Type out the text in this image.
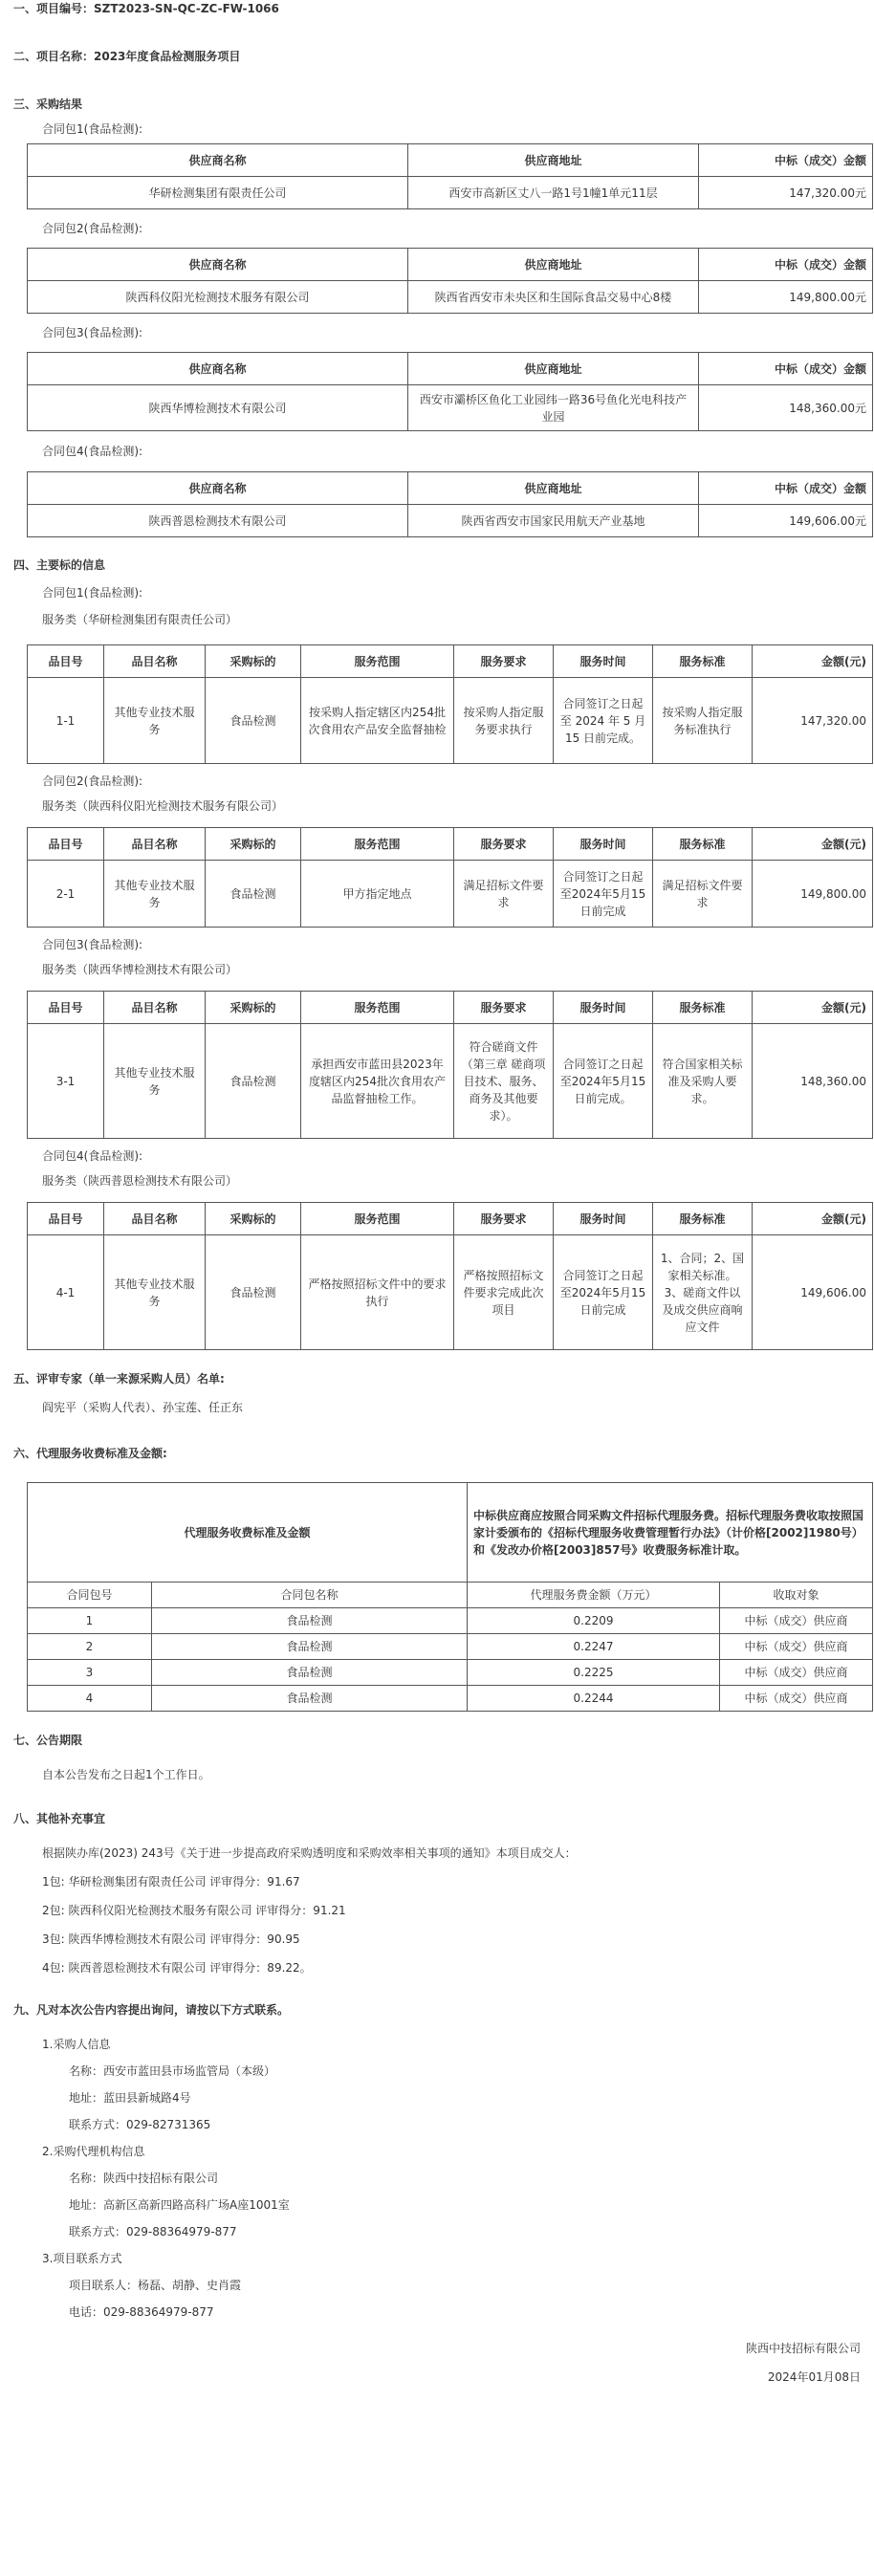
一、项目编号：SZT2023-SN-QC-ZC-FW-1066

二、项目名称：2023年度食品检测服务项目

三、采购结果

合同包1(食品检测):

供应商名称	供应商地址	中标（成交）金额
华研检测集团有限责任公司	西安市高新区丈八一路1号1幢1单元11层	147,320.00元

合同包2(食品检测):

供应商名称	供应商地址	中标（成交）金额
陕西科仪阳光检测技术服务有限公司	陕西省西安市未央区和生国际食品交易中心8楼	149,800.00元

合同包3(食品检测):

供应商名称	供应商地址	中标（成交）金额
陕西华博检测技术有限公司	西安市灞桥区鱼化工业园纬一路36号鱼化光电科技产业园	148,360.00元

合同包4(食品检测):

供应商名称	供应商地址	中标（成交）金额
陕西普恩检测技术有限公司	陕西省西安市国家民用航天产业基地	149,606.00元

四、主要标的信息

合同包1(食品检测):

服务类（华研检测集团有限责任公司）

品目号	品目名称	采购标的	服务范围	服务要求	服务时间	服务标准	金额(元)
1-1	其他专业技术服务	食品检测	按采购人指定辖区内254批次食用农产品安全监督抽检	按采购人指定服务要求执行	合同签订之日起至 2024 年 5 月 15 日前完成。	按采购人指定服务标准执行	147,320.00

合同包2(食品检测):

服务类（陕西科仪阳光检测技术服务有限公司）

品目号	品目名称	采购标的	服务范围	服务要求	服务时间	服务标准	金额(元)
2-1	其他专业技术服务	食品检测	甲方指定地点	满足招标文件要求	合同签订之日起至2024年5月15日前完成	满足招标文件要求	149,800.00

合同包3(食品检测):

服务类（陕西华博检测技术有限公司）

品目号	品目名称	采购标的	服务范围	服务要求	服务时间	服务标准	金额(元)
3-1	其他专业技术服务	食品检测	承担西安市蓝田县2023年度辖区内254批次食用农产品监督抽检工作。	符合磋商文件（第三章 磋商项目技术、服务、商务及其他要求）。	合同签订之日起至2024年5月15日前完成。	符合国家相关标准及采购人要求。	148,360.00

合同包4(食品检测):

服务类（陕西普恩检测技术有限公司）

品目号	品目名称	采购标的	服务范围	服务要求	服务时间	服务标准	金额(元)
4-1	其他专业技术服务	食品检测	严格按照招标文件中的要求执行	严格按照招标文件要求完成此次项目	合同签订之日起至2024年5月15日前完成	1、合同；2、国家相关标准。3、磋商文件以及成交供应商响应文件	149,606.00

五、评审专家（单一来源采购人员）名单:

阎宪平（采购人代表）、孙宝莲、任正东

六、代理服务收费标准及金额:

代理服务收费标准及金额		中标供应商应按照合同采购文件招标代理服务费。招标代理服务费收取按照国家计委颁布的《招标代理服务收费管理暂行办法》（计价格[2002]1980号）和《发改办价格[2003]857号》收费服务标准计取。	
合同包号	合同包名称	代理服务费金额（万元）	收取对象
1	食品检测	0.2209	中标（成交）供应商
2	食品检测	0.2247	中标（成交）供应商
3	食品检测	0.2225	中标（成交）供应商
4	食品检测	0.2244	中标（成交）供应商

七、公告期限

自本公告发布之日起1个工作日。

八、其他补充事宜

根据陕办库(2023) 243号《关于进一步提高政府采购透明度和采购效率相关事项的通知》本项目成交人：

1包: 华研检测集团有限责任公司 评审得分：91.67

2包: 陕西科仪阳光检测技术服务有限公司 评审得分：91.21

3包: 陕西华博检测技术有限公司 评审得分：90.95

4包: 陕西普恩检测技术有限公司 评审得分：89.22。

九、凡对本次公告内容提出询问，请按以下方式联系。

1.采购人信息

名称：西安市蓝田县市场监管局（本级）

地址：蓝田县新城路4号

联系方式：029-82731365

2.采购代理机构信息

名称：陕西中技招标有限公司

地址：高新区高新四路高科广场A座1001室

联系方式：029-88364979-877

3.项目联系方式

项目联系人：杨磊、胡静、史肖霞

电话：029-88364979-877

陕西中技招标有限公司

2024年01月08日
